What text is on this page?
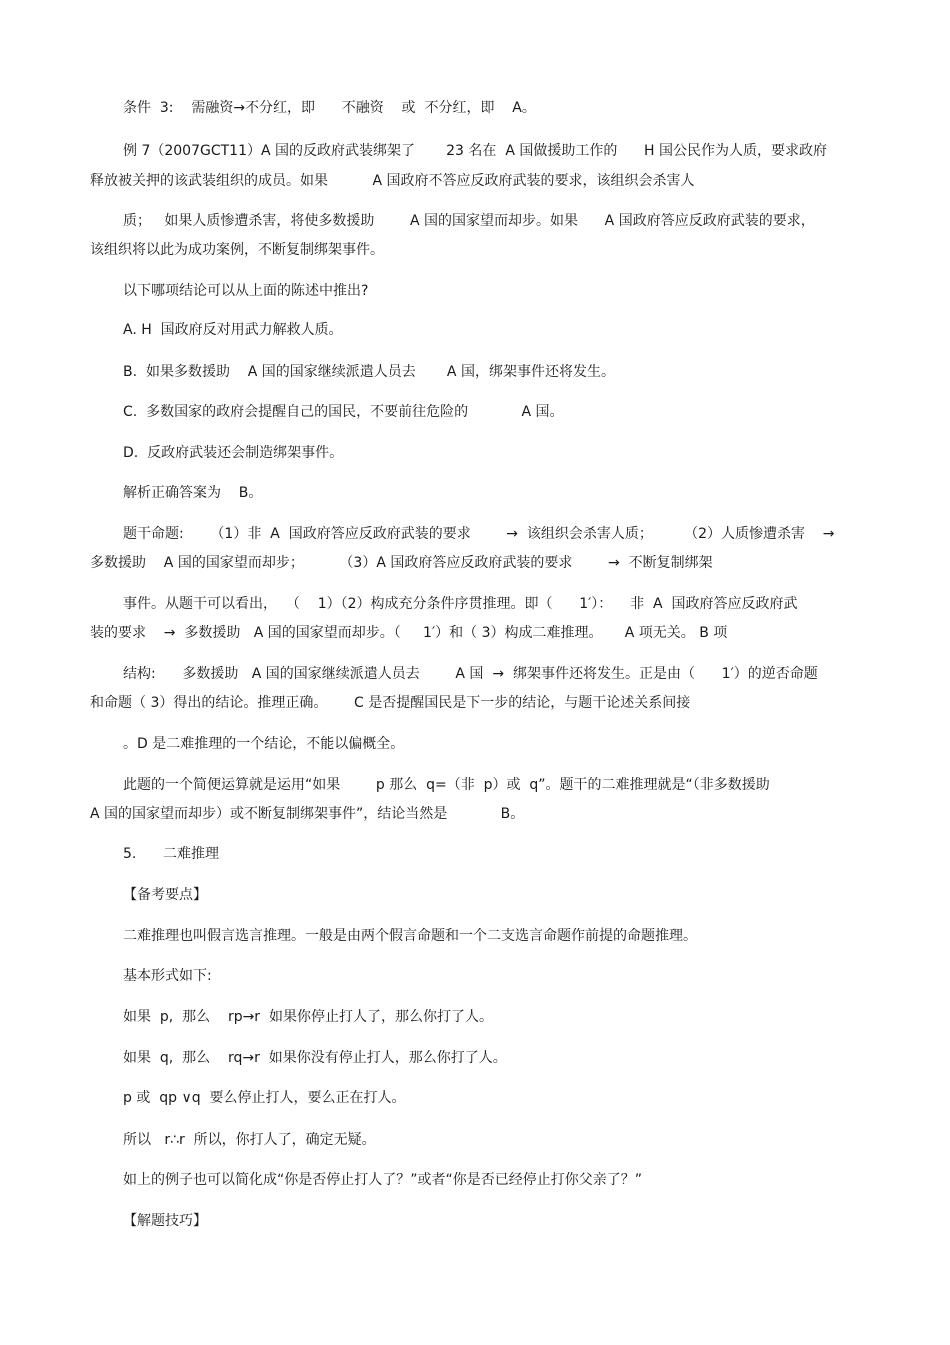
条件  3:    需融资→不分红，即      不融资    或  不分红，即    A。
例 7（2007GCT11）A 国的反政府武装绑架了       23 名在  A 国做援助工作的      H 国公民作为人质，要求政府
释放被关押的该武装组织的成员。如果          A 国政府不答应反政府武装的要求，该组织会杀害人
质；   如果人质惨遭杀害，将使多数援助        A 国的国家望而却步。如果      A 国政府答应反政府武装的要求，
该组织将以此为成功案例，不断复制绑架事件。
以下哪项结论可以从上面的陈述中推出?
A. H  国政府反对用武力解救人质。
B.  如果多数援助    A 国的国家继续派遣人员去       A 国，绑架事件还将发生。
C.  多数国家的政府会提醒自己的国民，不要前往危险的            A 国。
D.  反政府武装还会制造绑架事件。
解析正确答案为    B。
题干命题:      （1）非  A  国政府答应反政府武装的要求        →  该组织会杀害人质；       （2）人质惨遭杀害    →
多数援助    A 国的国家望而却步；        （3）A 国政府答应反政府武装的要求        →  不断复制绑架
事件。从题干可以看出，  （    1）（2）构成充分条件序贯推理。即（      1′）：    非  A  国政府答应反政府武
装的要求    →  多数援助   A 国的国家望而却步。（     1′）和（ 3）构成二难推理。     A 项无关。 B 项
结构:      多数援助   A 国的国家继续派遣人员去        A 国  →  绑架事件还将发生。正是由（      1′）的逆否命题
和命题（ 3）得出的结论。推理正确。      C 是否提醒国民是下一步的结论，与题干论述关系间接
。D 是二难推理的一个结论，不能以偏概全。
此题的一个简便运算就是运用“如果        p 那么  q=（非  p）或  q”。题干的二难推理就是“（非多数援助
A 国的国家望而却步）或不断复制绑架事件”，结论当然是            B。
5.      二难推理
【备考要点】
二难推理也叫假言选言推理。一般是由两个假言命题和一个二支选言命题作前提的命题推理。
基本形式如下:
如果  p,  那么    rp→r  如果你停止打人了，那么你打了人。
如果  q,  那么    rq→r  如果你没有停止打人，那么你打了人。
p 或  qp ∨q  要么停止打人，要么正在打人。
所以   r∴r  所以，你打人了，确定无疑。
如上的例子也可以简化成“你是否停止打人了？”或者“你是否已经停止打你父亲了？”
【解题技巧】
